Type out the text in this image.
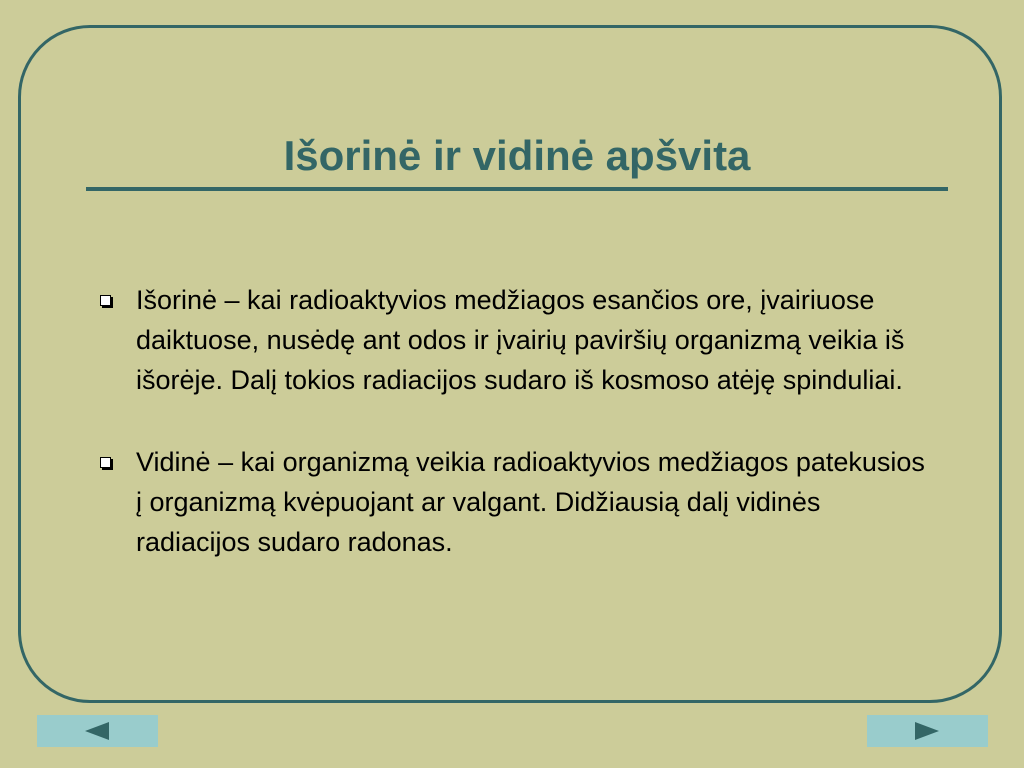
Išorinė ir vidinė apšvita
Išorinė – kai radioaktyvios medžiagos esančios ore, įvairiuose daiktuose, nusėdę ant odos ir įvairių paviršių organizmą veikia iš išorėje. Dalį tokios radiacijos sudaro iš kosmoso atėję spinduliai.
Vidinė – kai organizmą veikia radioaktyvios medžiagos patekusios į organizmą kvėpuojant ar valgant. Didžiausią dalį vidinės radiacijos sudaro radonas.
